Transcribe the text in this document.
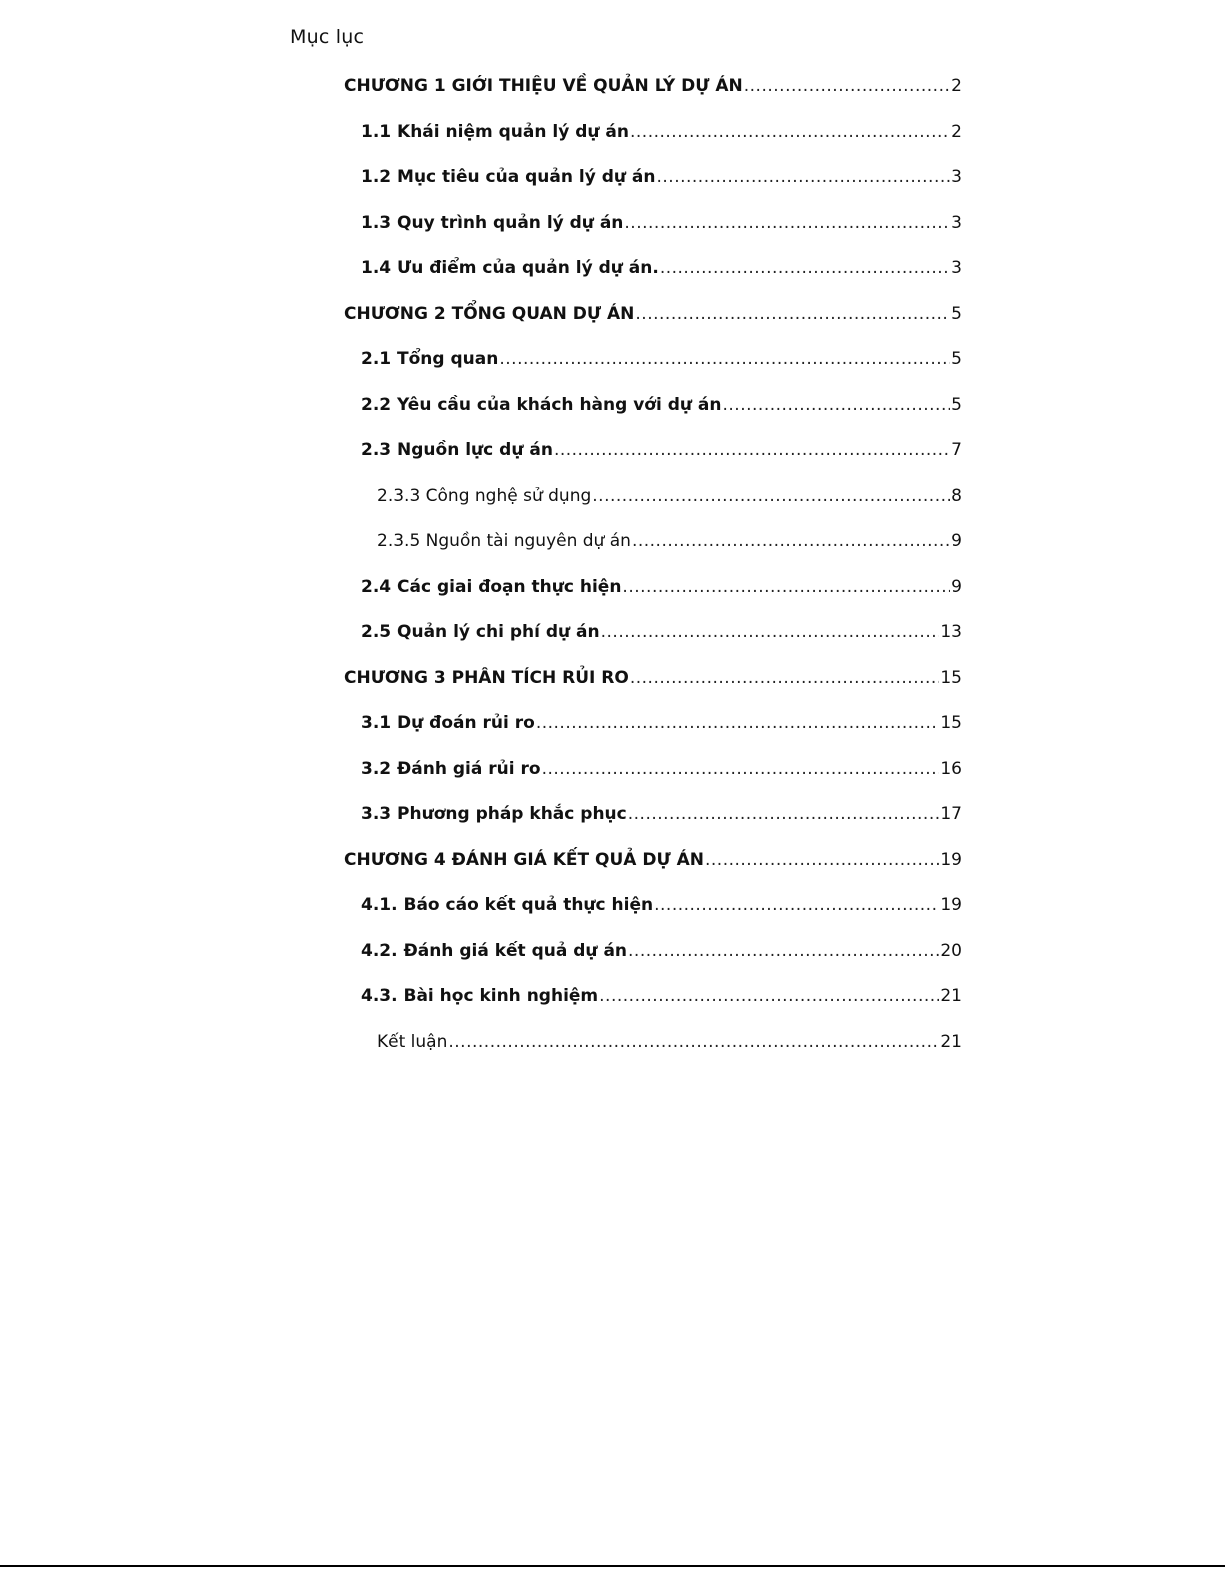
Mục lục
CHƯƠNG 1 GIỚI THIỆU VỀ QUẢN LÝ DỰ ÁN .....	2
1.1 Khái niệm quản lý dự án .....	2
1.2 Mục tiêu của quản lý dự án .....	3
1.3 Quy trình quản lý dự án .....	3
1.4 Ưu điểm của quản lý dự án. .....	3
CHƯƠNG 2 TỔNG QUAN DỰ ÁN .....	5
2.1 Tổng quan .....	5
2.2 Yêu cầu của khách hàng với dự án .....	5
2.3 Nguồn lực dự án .....	7
2.3.3 Công nghệ sử dụng .....	8
2.3.5 Nguồn tài nguyên dự án .....	9
2.4 Các giai đoạn thực hiện .....	9
2.5 Quản lý chi phí dự án .....	13
CHƯƠNG 3 PHÂN TÍCH RỦI RO .....	15
3.1 Dự đoán rủi ro .....	15
3.2 Đánh giá rủi ro .....	16
3.3 Phương pháp khắc phục .....	17
CHƯƠNG 4 ĐÁNH GIÁ KẾT QUẢ DỰ ÁN .....	19
4.1. Báo cáo kết quả thực hiện .....	19
4.2. Đánh giá kết quả dự án .....	20
4.3. Bài học kinh nghiệm .....	21
Kết luận .....	21
